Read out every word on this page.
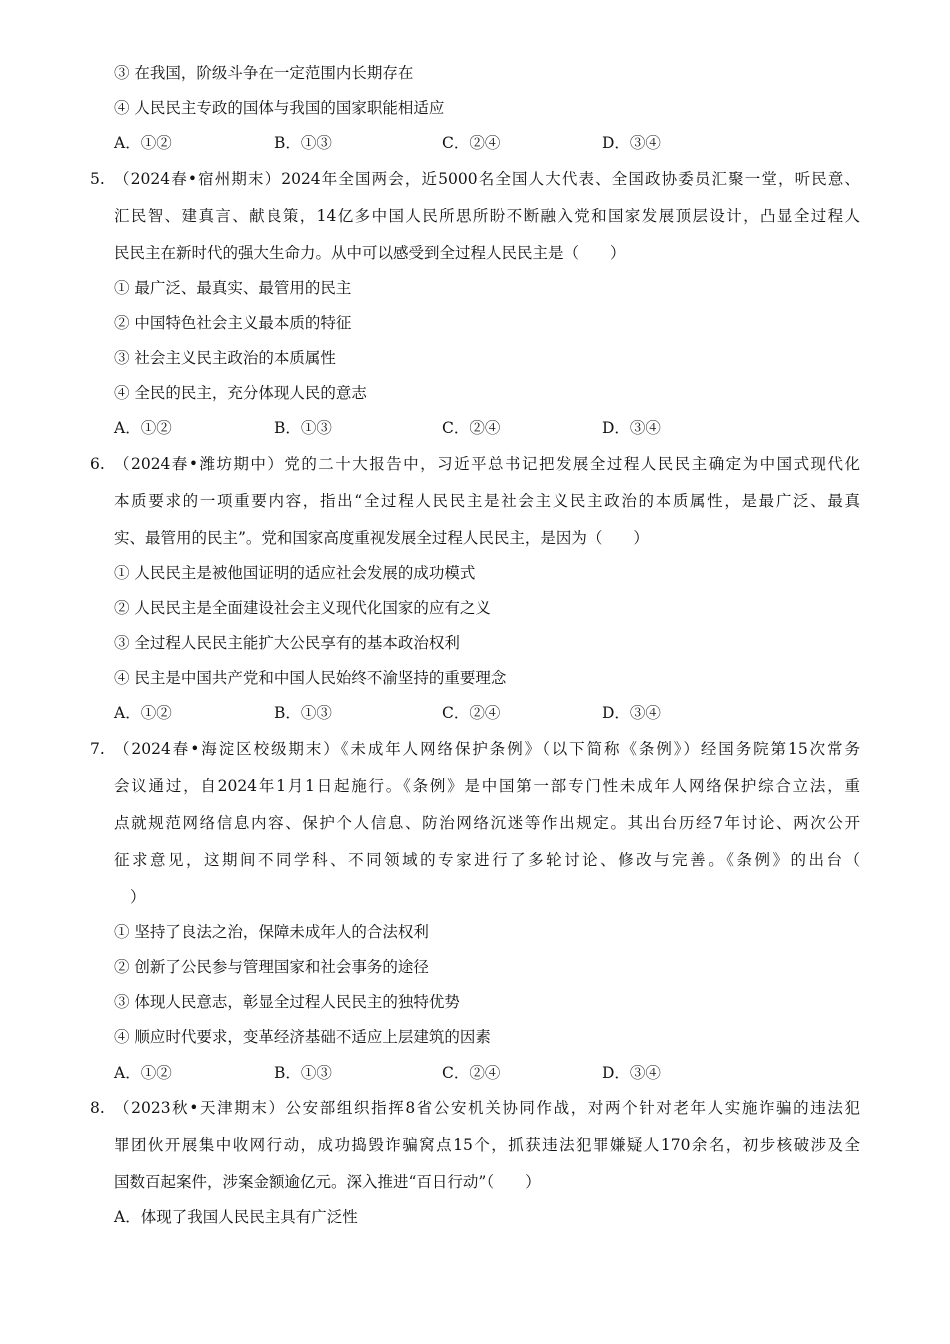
③ 在我国，阶级斗争在一定范围内长期存在
④ 人民民主专政的国体与我国的国家职能相适应
A．①②	B．①③	C．②④	D．③④
5. （2024春•宿州期末）2024年全国两会，近5000名全国人大代表、全国政协委员汇聚一堂，听民意、
汇民智、建真言、献良策，14亿多中国人民所思所盼不断融入党和国家发展顶层设计，凸显全过程人
民民主在新时代的强大生命力。从中可以感受到全过程人民民主是（　　）
① 最广泛、最真实、最管用的民主
② 中国特色社会主义最本质的特征
③ 社会主义民主政治的本质属性
④ 全民的民主，充分体现人民的意志
A．①②	B．①③	C．②④	D．③④
6. （2024春•潍坊期中）党的二十大报告中，习近平总书记把发展全过程人民民主确定为中国式现代化
本质要求的一项重要内容，指出“全过程人民民主是社会主义民主政治的本质属性，是最广泛、最真
实、最管用的民主”。党和国家高度重视发展全过程人民民主，是因为（　　）
① 人民民主是被他国证明的适应社会发展的成功模式
② 人民民主是全面建设社会主义现代化国家的应有之义
③ 全过程人民民主能扩大公民享有的基本政治权利
④ 民主是中国共产党和中国人民始终不渝坚持的重要理念
A．①②	B．①③	C．②④	D．③④
7. （2024春•海淀区校级期末）《未成年人网络保护条例》（以下简称《条例》）经国务院第15次常务
会议通过，自2024年1月1日起施行。《条例》是中国第一部专门性未成年人网络保护综合立法，重
点就规范网络信息内容、保护个人信息、防治网络沉迷等作出规定。其出台历经7年讨论、两次公开
征求意见，这期间不同学科、不同领域的专家进行了多轮讨论、修改与完善。《条例》的出台（
）
① 坚持了良法之治，保障未成年人的合法权利
② 创新了公民参与管理国家和社会事务的途径
③ 体现人民意志，彰显全过程人民民主的独特优势
④ 顺应时代要求，变革经济基础不适应上层建筑的因素
A．①②	B．①③	C．②④	D．③④
8. （2023秋•天津期末）公安部组织指挥8省公安机关协同作战，对两个针对老年人实施诈骗的违法犯
罪团伙开展集中收网行动，成功捣毁诈骗窝点15个，抓获违法犯罪嫌疑人170余名，初步核破涉及全
国数百起案件，涉案金额逾亿元。深入推进“百日行动”（　　）
A．体现了我国人民民主具有广泛性
